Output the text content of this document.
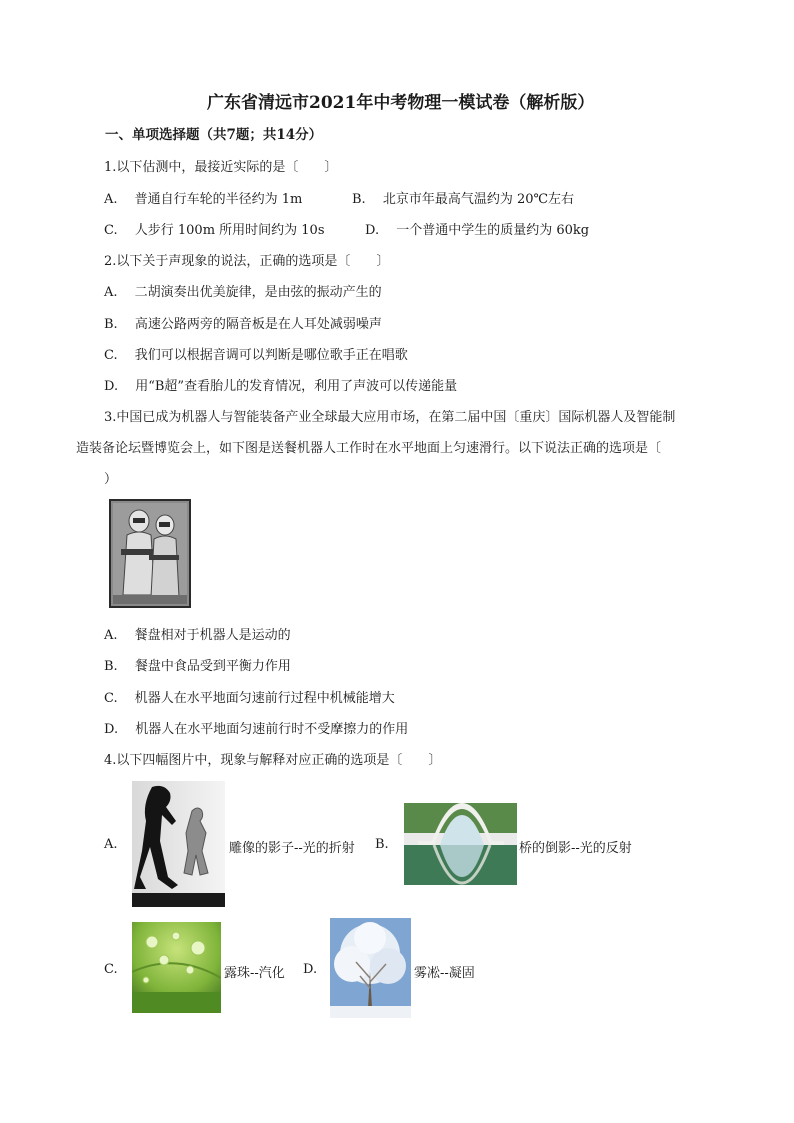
广东省清远市2021年中考物理一模试卷（解析版）
一、单项选择题（共7题；共14分）
1.以下估测中，最接近实际的是〔　　〕
A.　 普通自行车轮的半径约为 1m	B.　 北京市年最高气温约为 20℃左右
C.　 人步行 100m 所用时间约为 10s	D.　 一个普通中学生的质量约为 60kg
2.以下关于声现象的说法，正确的选项是〔　　〕
A.　 二胡演奏出优美旋律，是由弦的振动产生的
B.　 高速公路两旁的隔音板是在人耳处减弱噪声
C.　 我们可以根据音调可以判断是哪位歌手正在唱歌
D.　 用“B超”查看胎儿的发育情况，利用了声波可以传递能量
3.中国已成为机器人与智能装备产业全球最大应用市场，在第二届中国〔重庆〕国际机器人及智能制
造装备论坛暨博览会上，如下图是送餐机器人工作时在水平地面上匀速滑行。以下说法正确的选项是〔
）
A.　 餐盘相对于机器人是运动的
B.　 餐盘中食品受到平衡力作用
C.　 机器人在水平地面匀速前行过程中机械能增大
D.　 机器人在水平地面匀速前行时不受摩擦力的作用
4.以下四幅图片中，现象与解释对应正确的选项是〔　　〕
A.	雕像的影子--光的折射 B.	桥的倒影--光的反射
C.	露珠--汽化 D.	雾凇--凝固
